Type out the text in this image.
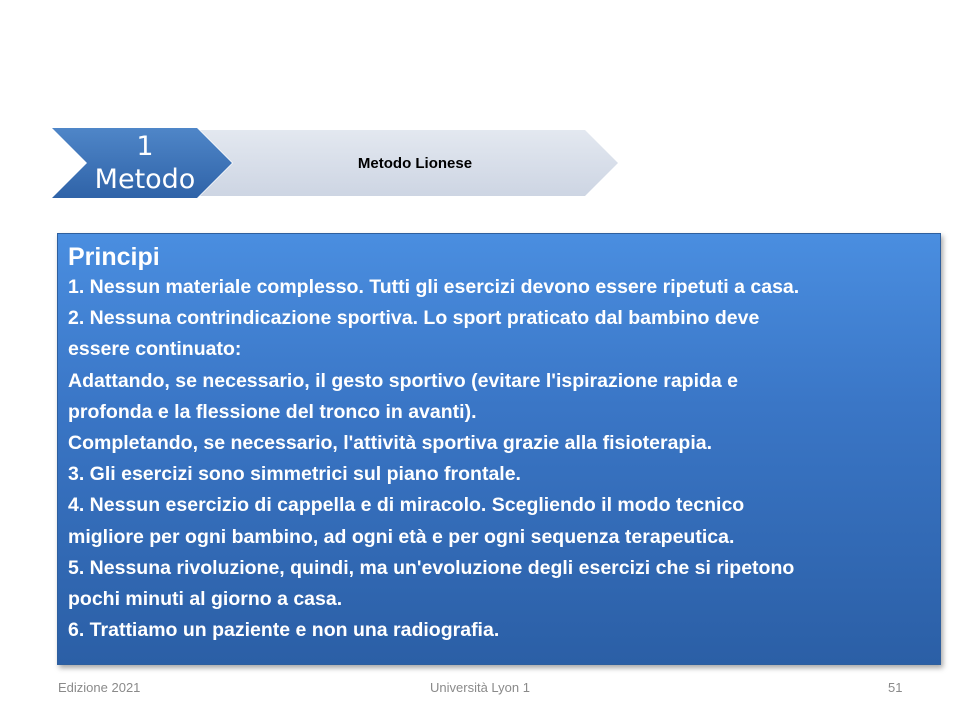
Metodo Lionese
1
Metodo

Principi

1. Nessun materiale complesso. Tutti gli esercizi devono essere ripetuti a casa.

2. Nessuna contrindicazione sportiva. Lo sport praticato dal bambino deve

essere continuato:

Adattando, se necessario, il gesto sportivo (evitare l'ispirazione rapida e

profonda e la flessione del tronco in avanti).

Completando, se necessario, l'attività sportiva grazie alla fisioterapia.

3. Gli esercizi sono simmetrici sul piano frontale.

4. Nessun esercizio di cappella e di miracolo. Scegliendo il modo tecnico

migliore per ogni bambino, ad ogni età e per ogni sequenza terapeutica.

5. Nessuna rivoluzione, quindi, ma un'evoluzione degli esercizi che si ripetono

pochi minuti al giorno a casa.

6. Trattiamo un paziente e non una radiografia.

Edizione 2021	Università Lyon 1	51
